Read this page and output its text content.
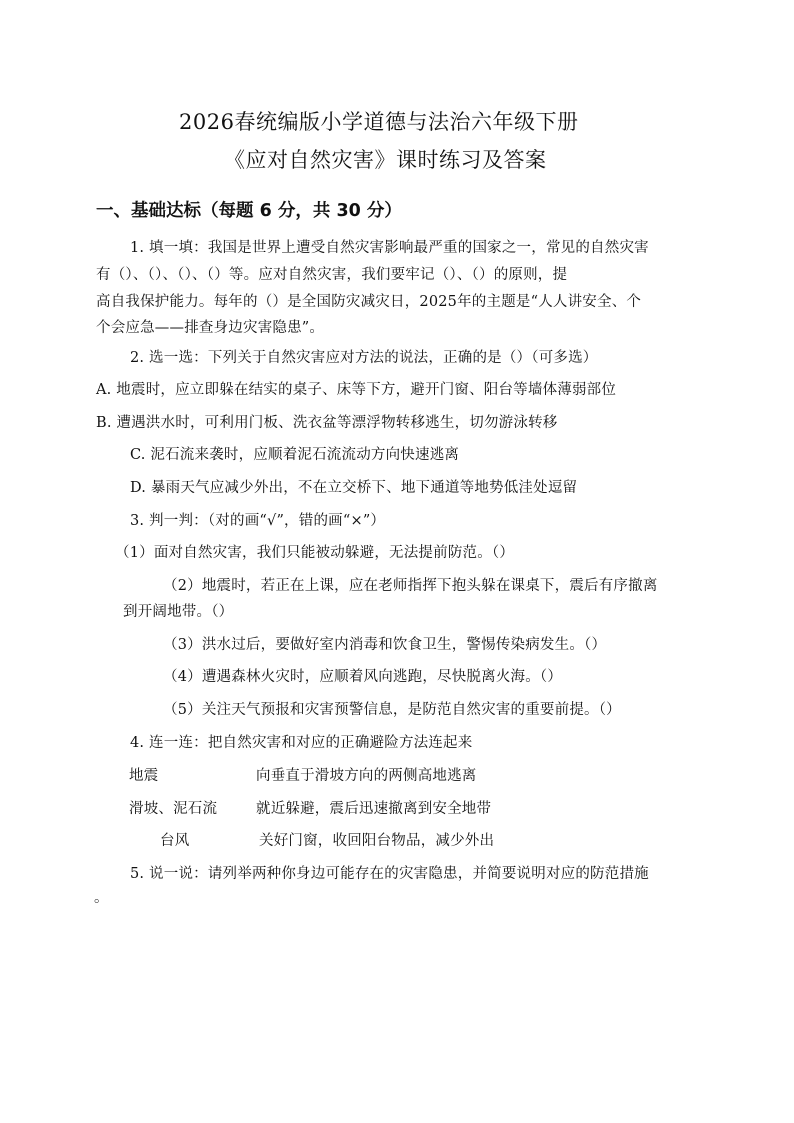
2026春统编版小学道德与法治六年级下册
《应对自然灾害》课时练习及答案
一、基础达标（每题 6 分，共 30 分）
1. 填一填：我国是世界上遭受自然灾害影响最严重的国家之一，常见的自然灾害
有（）、（）、（）、（）等。应对自然灾害，我们要牢记（）、（）的原则，提
高自我保护能力。每年的（）是全国防灾减灾日，2025年的主题是“人人讲安全、个
个会应急——排查身边灾害隐患”。
2. 选一选：下列关于自然灾害应对方法的说法，正确的是（）（可多选）
A. 地震时，应立即躲在结实的桌子、床等下方，避开门窗、阳台等墙体薄弱部位
B. 遭遇洪水时，可利用门板、洗衣盆等漂浮物转移逃生，切勿游泳转移
C. 泥石流来袭时，应顺着泥石流流动方向快速逃离
D. 暴雨天气应减少外出，不在立交桥下、地下通道等地势低洼处逗留
3. 判一判：（对的画“√”，错的画“×”）
（1）面对自然灾害，我们只能被动躲避，无法提前防范。（）
（2）地震时，若正在上课，应在老师指挥下抱头躲在课桌下，震后有序撤离
到开阔地带。（）
（3）洪水过后，要做好室内消毒和饮食卫生，警惕传染病发生。（）
（4）遭遇森林火灾时，应顺着风向逃跑，尽快脱离火海。（）
（5）关注天气预报和灾害预警信息，是防范自然灾害的重要前提。（）
4. 连一连：把自然灾害和对应的正确避险方法连起来
地震	向垂直于滑坡方向的两侧高地逃离
滑坡、泥石流	就近躲避，震后迅速撤离到安全地带
台风	关好门窗，收回阳台物品，减少外出
5. 说一说：请列举两种你身边可能存在的灾害隐患，并简要说明对应的防范措施
。
